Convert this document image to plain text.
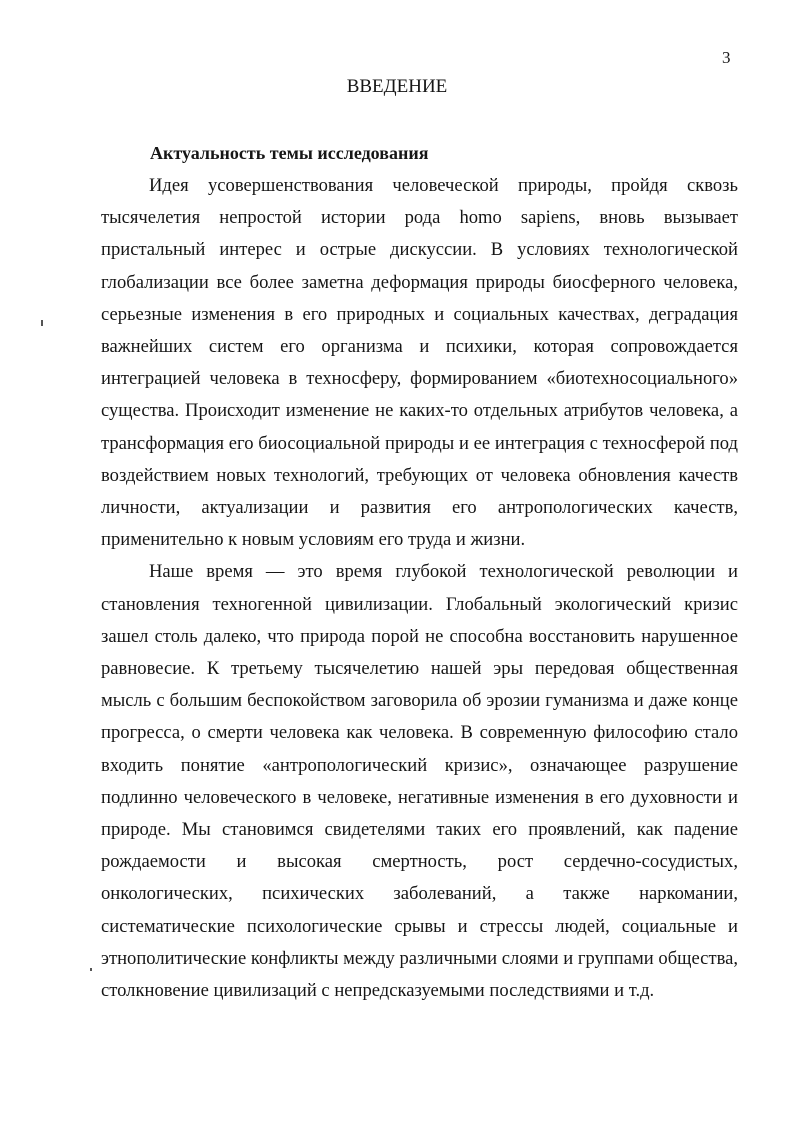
3
ВВЕДЕНИЕ
Актуальность темы исследования

Идея усовершенствования человеческой природы, пройдя сквозь тысячелетия непростой истории рода homo sapiens, вновь вызывает пристальный интерес и острые дискуссии. В условиях технологической глобализации все более заметна деформация природы биосферного человека, серьезные изменения в его природных и социальных качествах, деградация важнейших систем его организма и психики, которая сопровождается интеграцией человека в техносферу, формированием «биотехносоциального» существа. Происходит изменение не каких-то отдельных атрибутов человека, а трансформация его биосоциальной природы и ее интеграция с техносферой под воздействием новых технологий, требующих от человека обновления качеств личности, актуализации и развития его антропологических качеств, применительно к новым условиям его труда и жизни.

Наше время — это время глубокой технологической революции и становления техногенной цивилизации. Глобальный экологический кризис зашел столь далеко, что природа порой не способна восстановить нарушенное равновесие. К третьему тысячелетию нашей эры передовая общественная мысль с большим беспокойством заговорила об эрозии гуманизма и даже конце прогресса, о смерти человека как человека. В современную философию стало входить понятие «антропологический кризис», означающее разрушение подлинно человеческого в человеке, негативные изменения в его духовности и природе. Мы становимся свидетелями таких его проявлений, как падение рождаемости и высокая смертность, рост сердечно-сосудистых, онкологических, психических заболеваний, а также наркомании, систематические психологические срывы и стрессы людей, социальные и этнополитические конфликты между различными слоями и группами общества, столкновение цивилизаций с непредсказуемыми последствиями и т.д.
